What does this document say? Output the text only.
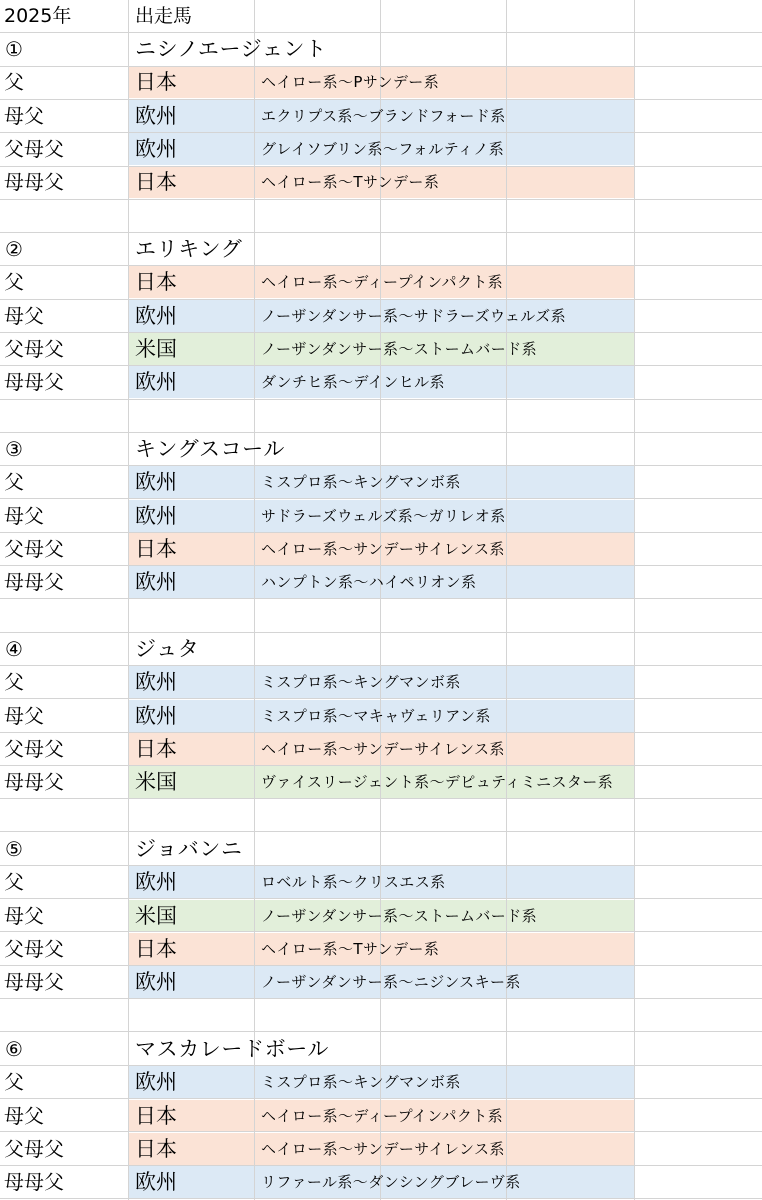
2025年	出走馬
①	ニシノエージェント
父	日本	ヘイロー系～Pサンデー系
母父	欧州	エクリプス系～ブランドフォード系
父母父	欧州	グレイソブリン系～フォルティノ系
母母父	日本	ヘイロー系～Tサンデー系
②	エリキング
父	日本	ヘイロー系～ディープインパクト系
母父	欧州	ノーザンダンサー系～サドラーズウェルズ系
父母父	米国	ノーザンダンサー系～ストームバード系
母母父	欧州	ダンチヒ系～デインヒル系
③	キングスコール
父	欧州	ミスプロ系～キングマンボ系
母父	欧州	サドラーズウェルズ系～ガリレオ系
父母父	日本	ヘイロー系～サンデーサイレンス系
母母父	欧州	ハンプトン系～ハイペリオン系
④	ジュタ
父	欧州	ミスプロ系～キングマンボ系
母父	欧州	ミスプロ系～マキャヴェリアン系
父母父	日本	ヘイロー系～サンデーサイレンス系
母母父	米国	ヴァイスリージェント系～デピュティミニスター系
⑤	ジョバンニ
父	欧州	ロベルト系～クリスエス系
母父	米国	ノーザンダンサー系～ストームバード系
父母父	日本	ヘイロー系～Tサンデー系
母母父	欧州	ノーザンダンサー系～ニジンスキー系
⑥	マスカレードボール
父	欧州	ミスプロ系～キングマンボ系
母父	日本	ヘイロー系～ディープインパクト系
父母父	日本	ヘイロー系～サンデーサイレンス系
母母父	欧州	リファール系～ダンシングブレーヴ系
